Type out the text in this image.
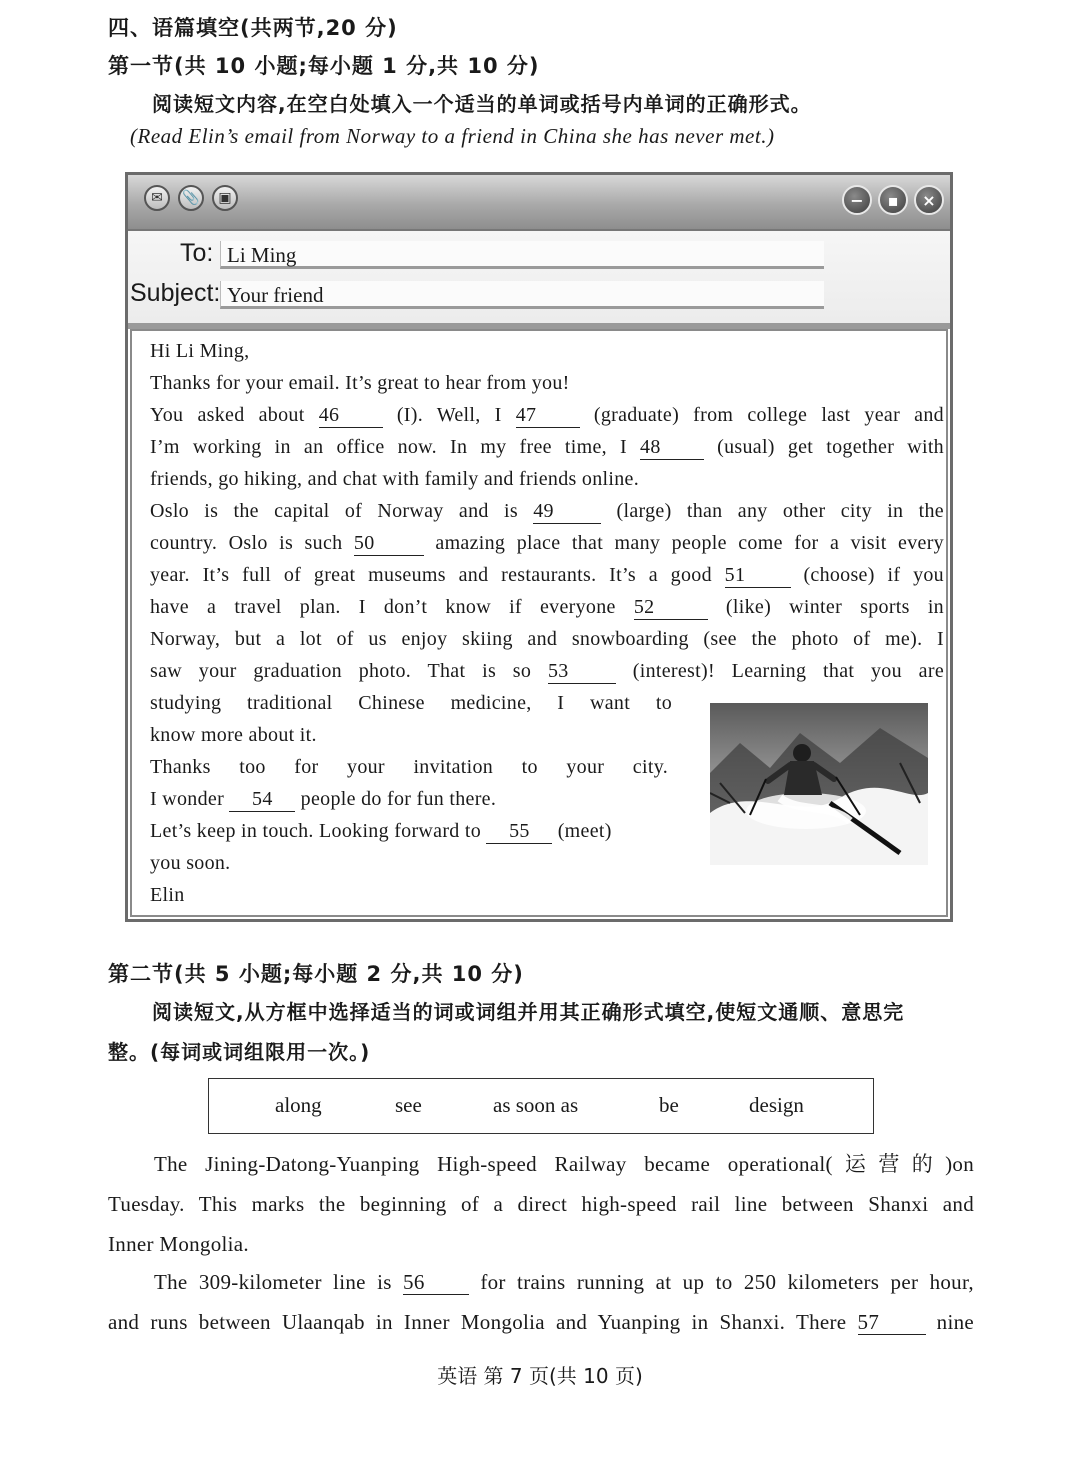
四、语篇填空(共两节,20 分)
第一节(共 10 小题;每小题 1 分,共 10 分)
阅读短文内容,在空白处填入一个适当的单词或括号内单词的正确形式。
(Read Elin’s email from Norway to a friend in China she has never met.)
✉	📎	▣	−	▪	×
To: Li Ming
Subject: Your friend
Hi Li Ming,
Thanks for your email. It’s great to hear from you!
You asked about 46	(I). Well, I 47	(graduate) from college last year and
I’m working in an office now. In my free time, I 48	(usual) get together with
friends, go hiking, and chat with family and friends online.
Oslo is the capital of Norway and is 49	(large) than any other city in the
country. Oslo is such 50	amazing place that many people come for a visit every
year. It’s full of great museums and restaurants. It’s a good 51	(choose) if you
have a travel plan. I don’t know if everyone 52	(like) winter sports in
Norway, but a lot of us enjoy skiing and snowboarding (see the photo of me). I
saw your graduation photo. That is so 53	(interest)! Learning that you are
studying traditional Chinese medicine, I want to
know more about it.
Thanks too for your invitation to your city.
I wonder 54 people do for fun there.
Let’s keep in touch. Looking forward to 55 (meet)
you soon.
Elin
第二节(共 5 小题;每小题 2 分,共 10 分)
阅读短文,从方框中选择适当的词或词组并用其正确形式填空,使短文通顺、意思完
整。(每词或词组限用一次。)
along	see	as soon as	be	design
The Jining-Datong-Yuanping High-speed Railway became operational(运营的)on
Tuesday. This marks the beginning of a direct high-speed rail line between Shanxi and
Inner Mongolia.
The 309-kilometer line is 56	for trains running at up to 250 kilometers per hour,
and runs between Ulaanqab in Inner Mongolia and Yuanping in Shanxi. There 57	nine
英语 第 7 页(共 10 页)
